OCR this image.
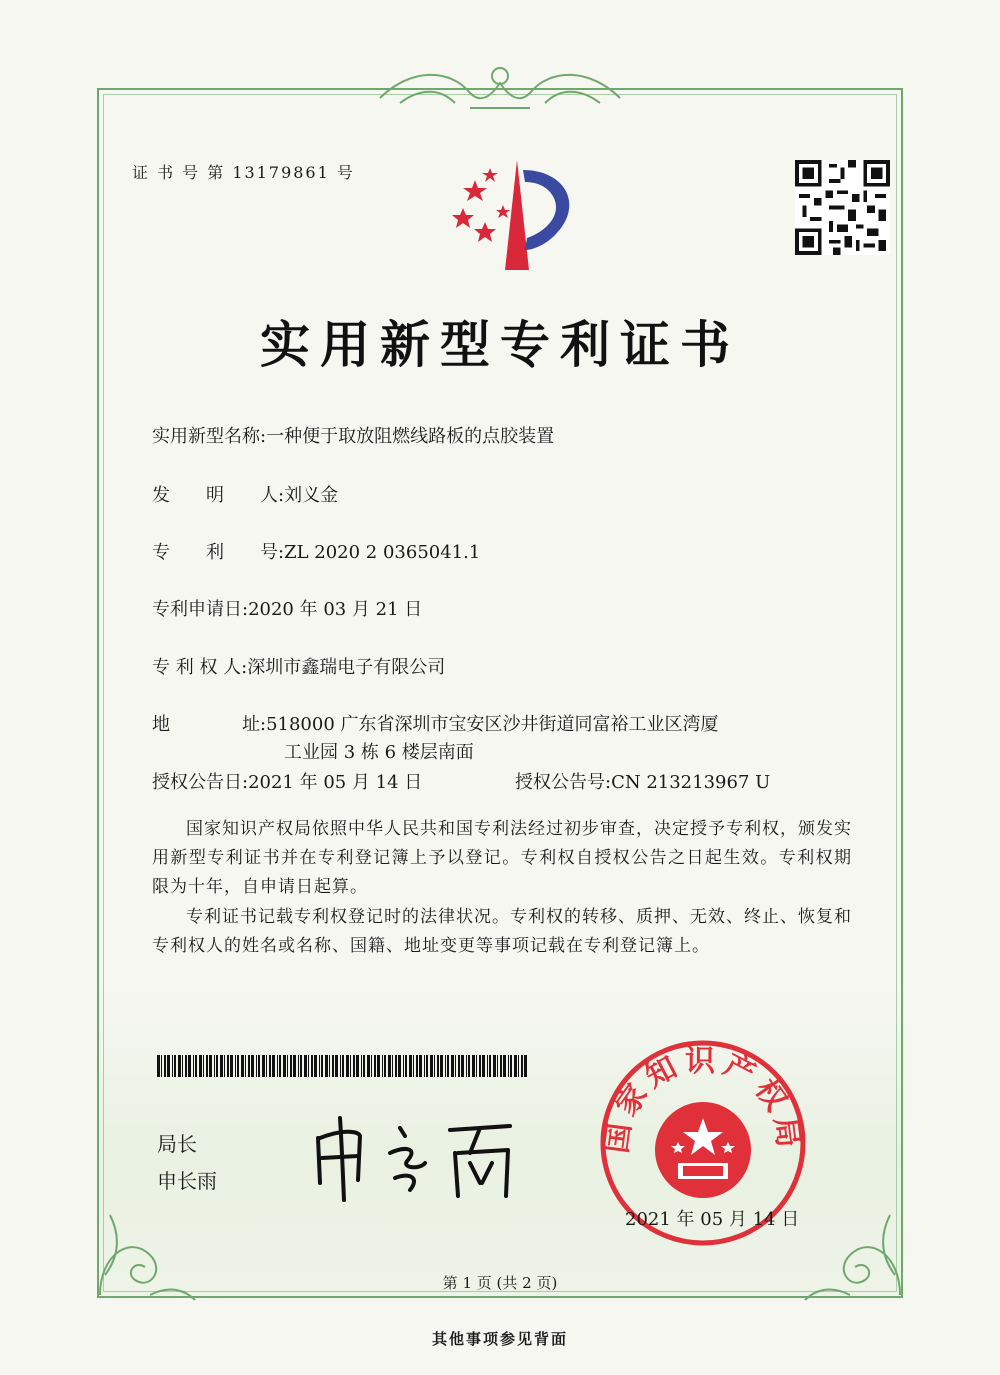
证 书 号 第 13179861 号
实用新型专利证书
实用新型名称:一种便于取放阻燃线路板的点胶装置
发　　明　　人:刘义金
专　　利　　号:ZL 2020 2 0365041.1
专利申请日:2020 年 03 月 21 日
专 利 权 人:深圳市鑫瑞电子有限公司
地　　　　址:518000 广东省深圳市宝安区沙井街道同富裕工业区湾厦
工业园 3 栋 6 楼层南面
授权公告日:2021 年 05 月 14 日	授权公告号:CN 213213967 U
国家知识产权局依照中华人民共和国专利法经过初步审查，决定授予专利权，颁发实用新型专利证书并在专利登记簿上予以登记。专利权自授权公告之日起生效。专利权期限为十年，自申请日起算。
专利证书记载专利权登记时的法律状况。专利权的转移、质押、无效、终止、恢复和专利权人的姓名或名称、国籍、地址变更等事项记载在专利登记簿上。
局长
申长雨
国家知识产权局
2021 年 05 月 14 日
第 1 页 (共 2 页)
其他事项参见背面
